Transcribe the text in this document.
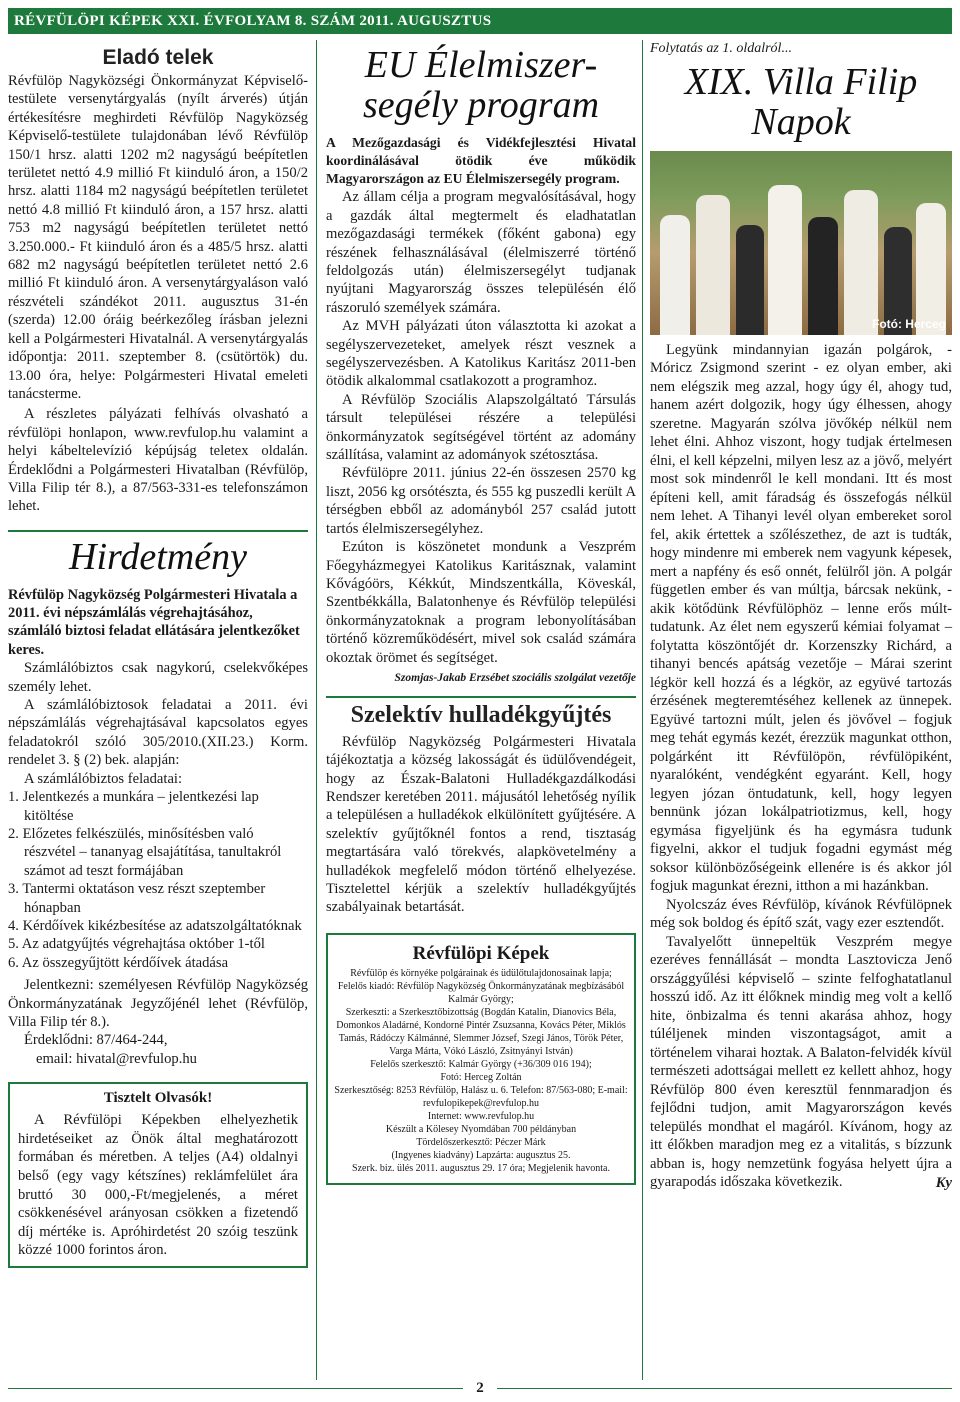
RÉVFÜLÖPI KÉPEK XXI. ÉVFOLYAM 8. SZÁM 2011. AUGUSZTUS
Eladó telek

Révfülöp Nagyközségi Önkormányzat Képviselő-testülete versenytárgyalás (nyílt árverés) útján értékesítésre meghirdeti Révfülöp Nagyközség Képviselő-testülete tulajdonában lévő Révfülöp 150/1 hrsz. alatti 1202 m2 nagyságú beépítetlen területet nettó 4.9 millió Ft kiinduló áron, a 150/2 hrsz. alatti 1184 m2 nagyságú beépítetlen területet nettó 4.8 millió Ft kiinduló áron, a 157 hrsz. alatti 753 m2 nagyságú beépítetlen területet nettó 3.250.000.- Ft kiinduló áron és a 485/5 hrsz. alatti 682 m2 nagyságú beépítetlen területet nettó 2.6 millió Ft kiinduló áron. A versenytárgyaláson való részvételi szándékot 2011. augusztus 31-én (szerda) 12.00 óráig beérkezőleg írásban jelezni kell a Polgármesteri Hivatalnál. A versenytárgyalás időpontja: 2011. szeptember 8. (csütörtök) du. 13.00 óra, helye: Polgármesteri Hivatal emeleti tanácsterme.

A részletes pályázati felhívás olvasható a révfülöpi honlapon, www.revfulop.hu valamint a helyi kábeltelevízió képújság teletex oldalán. Érdeklődni a Polgármesteri Hivatalban (Révfülöp, Villa Filip tér 8.), a 87/563-331-es telefonszámon lehet.

Hirdetmény

Révfülöp Nagyközség Polgármesteri Hivatala a 2011. évi népszámlálás végrehajtásához, számláló biztosi feladat ellátására jelentkezőket keres.

Számlálóbiztos csak nagykorú, cselekvőképes személy lehet.

A számlálóbiztosok feladatai a 2011. évi népszámlálás végrehajtásával kapcsolatos egyes feladatokról szóló 305/2010.(XII.23.) Korm. rendelet 3. § (2) bek. alapján:

A számlálóbiztos feladatai:

1. Jelentkezés a munkára – jelentkezési lap kitöltése

2. Előzetes felkészülés, minősítésben való részvétel – tananyag elsajátítása, tanultakról számot ad teszt formájában

3. Tantermi oktatáson vesz részt szeptember hónapban

4. Kérdőívek kikézbesítése az adatszolgáltatóknak

5. Az adatgyűjtés végrehajtása október 1-től

6. Az összegyűjtött kérdőívek átadása

Jelentkezni: személyesen Révfülöp Nagyközség Önkormányzatának Jegyzőjénél lehet (Révfülöp, Villa Filip tér 8.).

Érdeklődni: 87/464-244,

email: hivatal@revfulop.hu

Tisztelt Olvasók!

A Révfülöpi Képekben elhelyezhetik hirdetéseiket az Önök által meghatározott formában és méretben. A teljes (A4) oldalnyi belső (egy vagy kétszínes) reklámfelület ára bruttó 30 000,-Ft/megjelenés, a méret csökkenésével arányosan csökken a fizetendő díj mértéke is. Apróhirdetést 20 szóig teszünk közzé 1000 forintos áron.

EU Élelmiszer-
segély program

A Mezőgazdasági és Vidékfejlesztési Hivatal koordinálásával ötödik éve működik Magyarországon az EU Élelmiszersegély program.

Az állam célja a program megvalósításával, hogy a gazdák által megtermelt és eladhatatlan mezőgazdasági termékek (főként gabona) egy részének felhasználásával (élelmiszerré történő feldolgozás után) élelmiszersegélyt tudjanak nyújtani Magyarország összes településén élő rászoruló személyek számára.

Az MVH pályázati úton választotta ki azokat a segélyszervezeteket, amelyek részt vesznek a segélyszervezésben. A Katolikus Karitász 2011-ben ötödik alkalommal csatlakozott a programhoz.

A Révfülöp Szociális Alapszolgáltató Társulás társult települései részére a települési önkormányzatok segítségével történt az adomány szállítása, valamint az adományok szétosztása.

Révfülöpre 2011. június 22-én összesen 2570 kg liszt, 2056 kg orsótészta, és 555 kg puszedli került A térségben ebből az adományból 257 család jutott tartós élelmiszersegélyhez.

Ezúton is köszönetet mondunk a Veszprém Főegyházmegyei Katolikus Karitásznak, valamint Kővágóörs, Kékkút, Mindszentkálla, Köveskál, Szentbékkálla, Balatonhenye és Révfülöp települési önkormányzatoknak a program lebonyolításában történő közreműködésért, mivel sok család számára okoztak örömet és segítséget.

Szomjas-Jakab Erzsébet szociális szolgálat vezetője

Szelektív hulladékgyűjtés

Révfülöp Nagyközség Polgármesteri Hivatala tájékoztatja a község lakosságát és üdülővendégeit, hogy az Észak-Balatoni Hulladékgazdálkodási Rendszer keretében 2011. májusától lehetőség nyílik a településen a hulladékok elkülönített gyűjtésére. A szelektív gyűjtőknél fontos a rend, tisztaság megtartására való törekvés, alapkövetelmény a hulladékok megfelelő módon történő elhelyezése. Tisztelettel kérjük a szelektív hulladékgyűjtés szabályainak betartását.

Révfülöpi Képek

Révfülöp és környéke polgárainak és üdülőtulajdonosainak lapja;

Felelős kiadó: Révfülöp Nagyközség Önkormányzatának megbízásából Kalmár György;

Szerkeszti: a Szerkesztőbizottság (Bogdán Katalin, Dianovics Béla, Domonkos Aladárné, Kondorné Pintér Zsuzsanna, Kovács Péter, Miklós Tamás, Rádóczy Kálmánné, Slemmer József, Szegi János, Török Péter, Varga Márta, Vókó László, Zsitnyányi István)

Felelős szerkesztő: Kalmár György (+36/309 016 194);

Fotó: Herceg Zoltán

Szerkesztőség: 8253 Révfülöp, Halász u. 6. Telefon: 87/563-080; E-mail: revfulopikepek@revfulop.hu

Internet: www.revfulop.hu

Készült a Kölesey Nyomdában 700 példányban

Tördelőszerkesztő: Péczer Márk

(Ingyenes kiadvány) Lapzárta: augusztus 25.

Szerk. biz. ülés 2011. augusztus 29. 17 óra; Megjelenik havonta.

Folytatás az 1. oldalról...

XIX. Villa Filip
Napok
Fotó: Herceg

Legyünk mindannyian igazán polgárok, - Móricz Zsigmond szerint - ez olyan ember, aki nem elégszik meg azzal, hogy úgy él, ahogy tud, hanem azért dolgozik, hogy úgy élhessen, ahogy szeretne. Magyarán szólva jövőkép nélkül nem lehet élni. Ahhoz viszont, hogy tudjak értelmesen élni, el kell képzelni, milyen lesz az a jövő, melyért most sok mindenről le kell mondani. Itt és most építeni kell, amit fáradság és összefogás nélkül nem lehet. A Tihanyi levél olyan embereket sorol fel, akik értettek a szőlészethez, de azt is tudták, hogy mindenre mi emberek nem vagyunk képesek, mert a napfény és eső onnét, felülről jön. A polgár független ember és van múltja, bárcsak nekünk, - akik kötődünk Révfülöphöz – lenne erős múlt-tudatunk. Az élet nem egyszerű kémiai folyamat – folytatta köszöntőjét dr. Korzenszky Richárd, a tihanyi bencés apátság vezetője – Márai szerint légkör kell hozzá és a légkör, az együvé tartozás érzésének megteremtéséhez kellenek az ünnepek. Együvé tartozni múlt, jelen és jövővel – fogjuk meg tehát egymás kezét, érezzük magunkat otthon, polgárként itt Révfülöpön, révfülöpiként, nyaralóként, vendégként egyaránt. Kell, hogy legyen józan öntudatunk, kell, hogy legyen bennünk józan lokálpatriotizmus, kell, hogy egymása figyeljünk és ha egymásra tudunk figyelni, akkor el tudjuk fogadni egymást még soksor különbözőségeink ellenére is és akkor jól fogjuk magunkat érezni, itthon a mi hazánkban.

Nyolcszáz éves Révfülöp, kívánok Révfülöpnek még sok boldog és építő szát, vagy ezer esztendőt.

Tavalyelőtt ünnepeltük Veszprém megye ezeréves fennállását – mondta Lasztovicza Jenő országgyűlési képviselő – szinte felfoghatatlanul hosszú idő. Az itt élőknek mindig meg volt a kellő hite, önbizalma és tenni akarása ahhoz, hogy túléljenek minden viszontagságot, amit a történelem viharai hoztak. A Balaton-felvidék kívül természeti adottságai mellett ez kellett ahhoz, hogy Révfülöp 800 éven keresztül fennmaradjon és fejlődni tudjon, amit Magyarországon kevés település mondhat el magáról. Kívánom, hogy az itt élőkben maradjon meg ez a vitalitás, s bízzunk abban is, hogy nemzetünk fogyása helyett újra a gyarapodás időszaka következik.	Ky

2
